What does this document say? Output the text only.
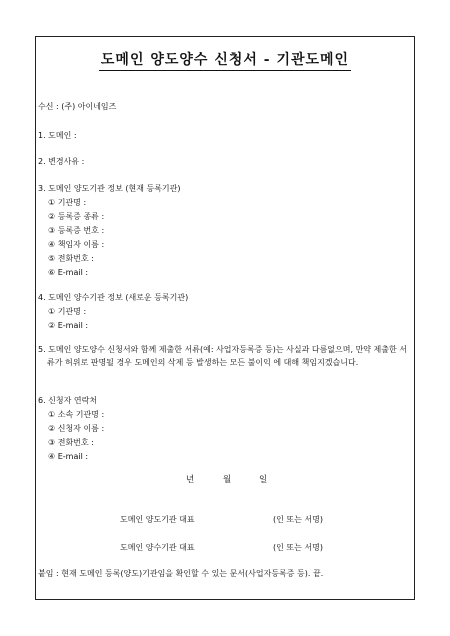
도메인 양도양수 신청서 - 기관도메인
수신 : (주) 아이네임즈
1. 도메인 :
2. 변경사유 :
3. 도메인 양도기관 정보 (현재 등록기관)
① 기관명 :
② 등록증 종류 :
③ 등록증 번호 :
④ 책임자 이름 :
⑤ 전화번호 :
⑥ E-mail :
4. 도메인 양수기관 정보 (새로운 등록기관)
① 기관명 :
② E-mail :
5. 도메인 양도양수 신청서와 함께 제출한 서류(예: 사업자등록증 등)는 사실과 다름없으며, 만약 제출한 서류가 허위로 판명될 경우 도메인의 삭제 등 발생하는 모든 불이익 에 대해 책임지겠습니다.
6. 신청자 연락처
① 소속 기관명 :
② 신청자 이름 :
③ 전화번호 :
④ E-mail :
년	월	일
도메인 양도기관 대표	(인 또는 서명)
도메인 양수기관 대표	(인 또는 서명)
붙임 : 현재 도메인 등록(양도)기관임을 확인할 수 있는 문서(사업자등록증 등). 끝.
